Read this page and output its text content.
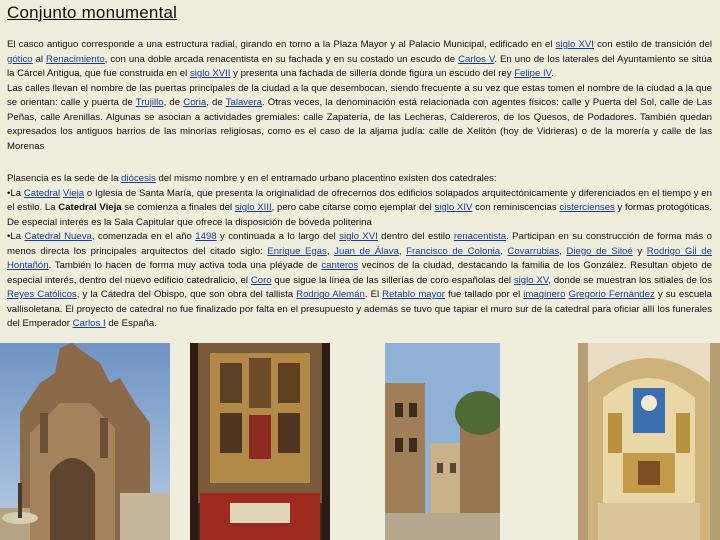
Conjunto monumental
El casco antiguo corresponde a una estructura radial, girando en torno a la Plaza Mayor y al Palacio Municipal, edificado en el siglo XVI con estilo de transición del gótico al Renacimiento, con una doble arcada renacentista en su fachada y en su costado un escudo de Carlos V. En uno de los laterales del Ayuntamiento se sitúa la Cárcel Antigua, que fue construida en el siglo XVII y presenta una fachada de sillería donde figura un escudo del rey Felipe IV.
Las calles llevan el nombre de las puertas principales de la ciudad a la que desembocan, siendo frecuente a su vez que estas tomen el nombre de la ciudad a la que se orientan: calle y puerta de Trujillo, de Coria, de Talavera. Otras veces, la denominación está relacionada con agentes físicos: calle y Puerta del Sol, calle de Las Peñas, calle Arenillas. Algunas se asocian a actividades gremiales: calle Zapatería, de las Lecheras, Caldereros, de los Quesos, de Podadores. También quedan expresados los antiguos barrios de las minorías religiosas, como es el caso de la aljama judía: calle de Xelitón (hoy de Vidrieras) o de la morería y calle de las Morenas
Plasencia es la sede de la diócesis del mismo nombre y en el entramado urbano placentino existen dos catedrales:
•La Catedral Vieja o Iglesia de Santa María, que presenta la originalidad de ofrecernos dos edificios solapados arquitectónicamente y diferenciados en el tiempo y en el estilo. La Catedral Vieja se comienza a finales del siglo XIII, pero cabe citarse como ejemplar del siglo XIV con reminiscencias cistercienses y formas protogóticas. De especial interés es la Sala Capitular que ofrece la disposición de bóveda politerina
•La Catedral Nueva, comenzada en el año 1498 y continuada a lo largo del siglo XVI dentro del estilo renacentista. Participan en su construcción de forma más o menos directa los principales arquitectos del citado siglo: Enrique Egas, Juan de Álava, Francisco de Colonia, Covarrubias, Diego de Siloé y Rodrigo Gil de Hontañón. También lo hacen de forma muy activa toda una pléyade de canteros vecinos de la ciudad, destacando la familia de los González. Resultan objeto de especial interés, dentro del nuevo edificio catedralicio, el Coro que sigue la línea de las sillerías de coro españolas del siglo XV, donde se muestran los sitiales de los Reyes Católicos, y la Cátedra del Obispo, que son obra del tallista Rodrigo Alemán. El Retablo mayor fue tallado por el imaginero Gregorio Fernández y su escuela vallisoletana. El proyecto de catedral no fue finalizado por falta en el presupuesto y además se tuvo que tapiar el muro sur de la catedral para oficiar allí los funerales del Emperador Carlos I de España.
